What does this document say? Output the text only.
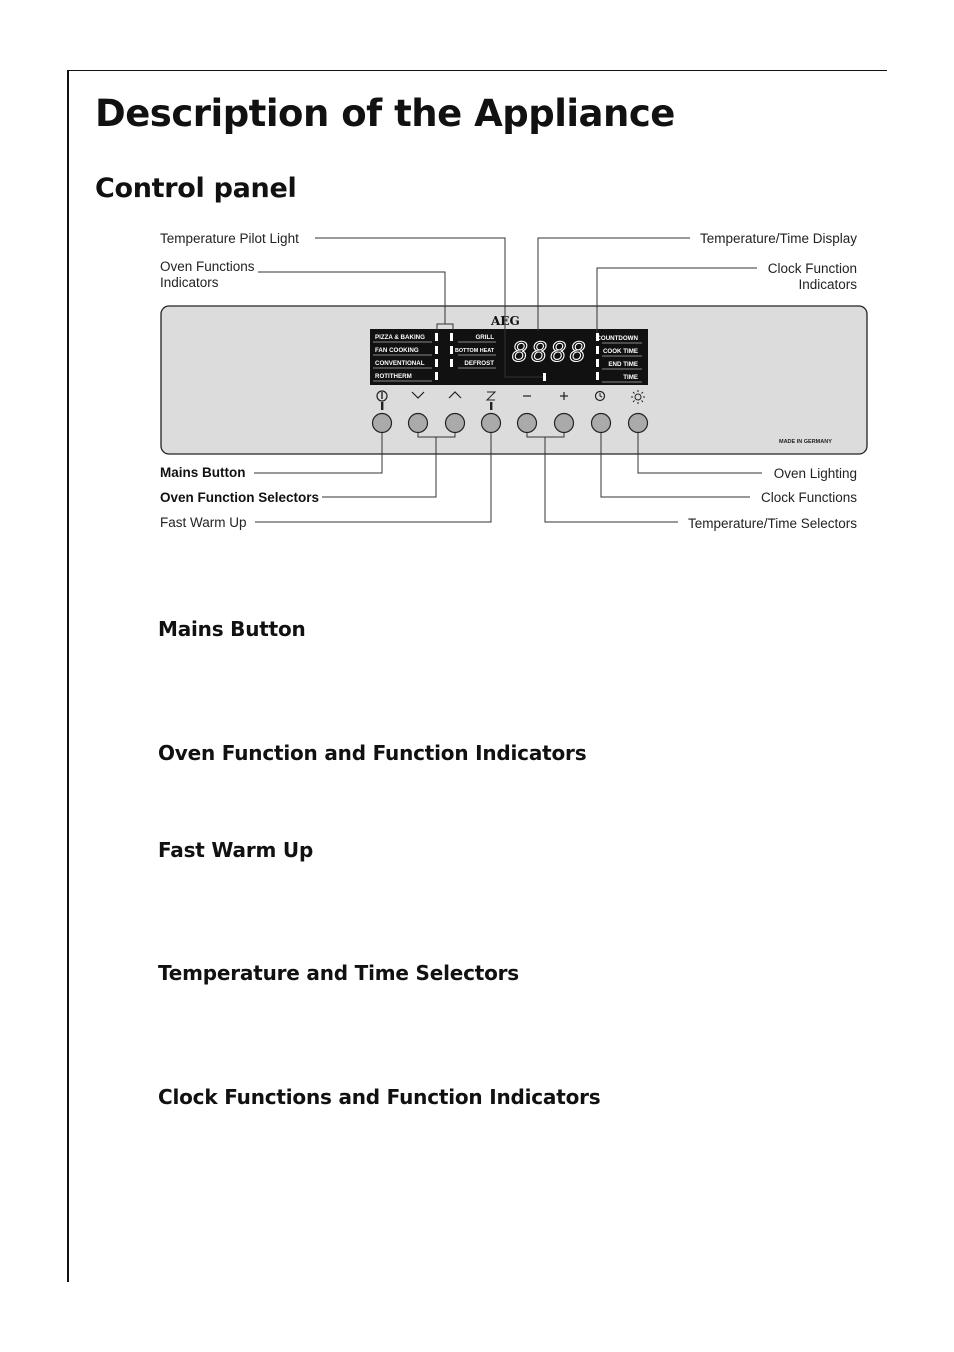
Description of the Appliance
Control panel
AEG
8888
PIZZA & BAKING
FAN COOKING
CONVENTIONAL
ROTITHERM
GRILL
BOTTOM HEAT
DEFROST
COUNTDOWN
COOK TIME
END TIME
TIME
MADE IN GERMANY
Temperature Pilot Light
Oven Functions
Indicators
Temperature/Time Display
Clock Function
Indicators
Mains Button
Oven Function Selectors
Fast Warm Up
Oven Lighting
Clock Functions
Temperature/Time Selectors
Mains Button
Oven Function and Function Indicators
Fast Warm Up
Temperature and Time Selectors
Clock Functions and Function Indicators
